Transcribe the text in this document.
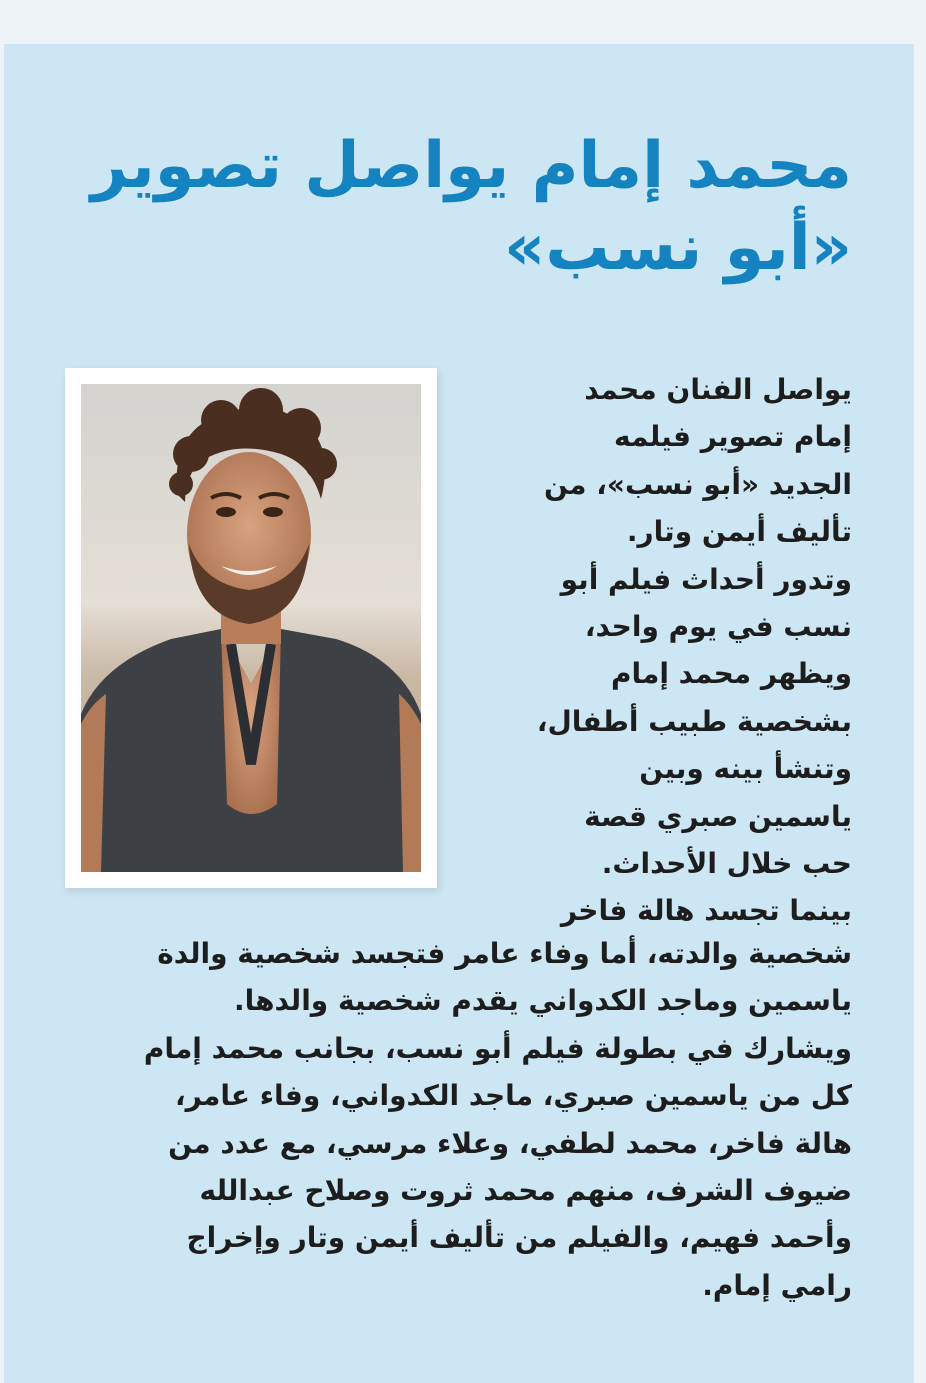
محمد إمام يواصل تصوير
«أبو نسب»
يواصل الفنان محمد
إمام تصوير فيلمه
الجديد «أبو نسب»، من
تأليف أيمن وتار.
وتدور أحداث فيلم أبو
نسب في يوم واحد،
ويظهر محمد إمام
بشخصية طبيب أطفال،
وتنشأ بينه وبين
ياسمين صبري قصة
حب خلال الأحداث.
بينما تجسد هالة فاخر
شخصية والدته، أما وفاء عامر فتجسد شخصية والدة
ياسمين وماجد الكدواني يقدم شخصية والدها.
ويشارك في بطولة فيلم أبو نسب، بجانب محمد إمام
كل من ياسمين صبري، ماجد الكدواني، وفاء عامر،
هالة فاخر، محمد لطفي، وعلاء مرسي، مع عدد من
ضيوف الشرف، منهم محمد ثروت وصلاح عبدالله
وأحمد فهيم، والفيلم من تأليف أيمن وتار وإخراج
رامي إمام.
